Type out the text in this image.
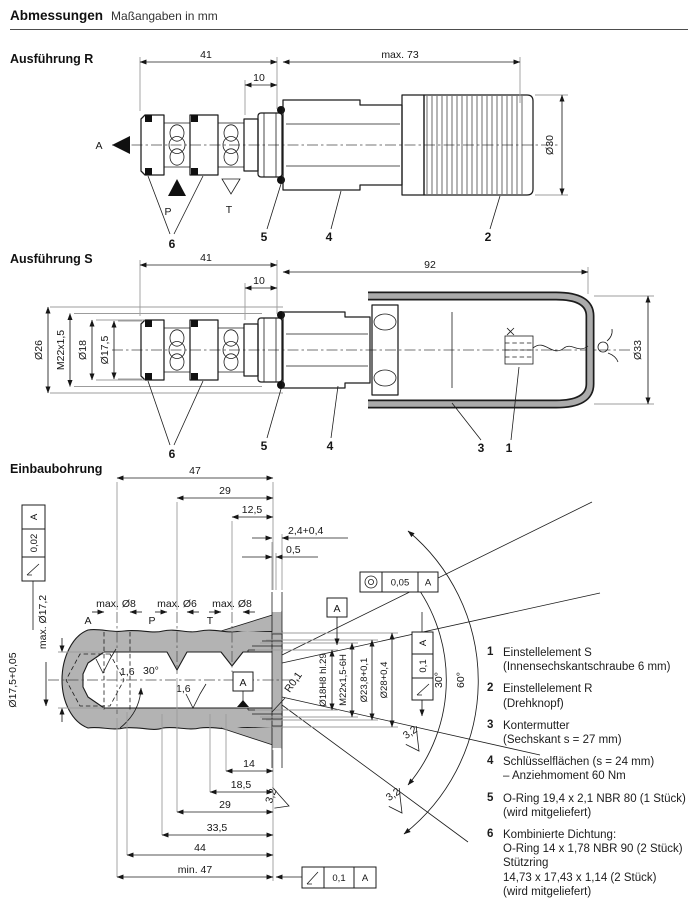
Abmessungen Maßangaben in mm
Ausführung R
Ausführung S
Einbaubohrung
41
10
max. 73
Ø30
A
P	T
6	5	4	2
41
10
92
Ø26 M22x1,5 Ø18 Ø17,5	Ø33
6
5	4	3 1
30° 60°
47
29
12,5
2,4+0,4
0,5
max. Ø8 max. Ø6 max. Ø8
A	P	T
A
0,02
max. Ø17,2
Ø17,5+0,05	Ø18H8 hl.29 M22x1,5-6H Ø23,8+0,1 Ø28+0,4
A
0,1
0,05 A
A
A
1,6 30°
1,6
3,2
3,2
3,2
R0,1
14
18,5
29
33,5
44
min. 47
0,1 A
1 Einstellelement S
(Innensechskantschraube 6 mm)
2 Einstellelement R
(Drehknopf)
3 Kontermutter
(Sechskant s = 27 mm)
4 Schlüsselflächen (s = 24 mm)
– Anziehmoment 60 Nm
5 O-Ring 19,4 x 2,1 NBR 80 (1 Stück)
(wird mitgeliefert)
6 Kombinierte Dichtung:
O-Ring 14 x 1,78 NBR 90 (2 Stück)
Stützring
14,73 x 17,43 x 1,14 (2 Stück)
(wird mitgeliefert)
